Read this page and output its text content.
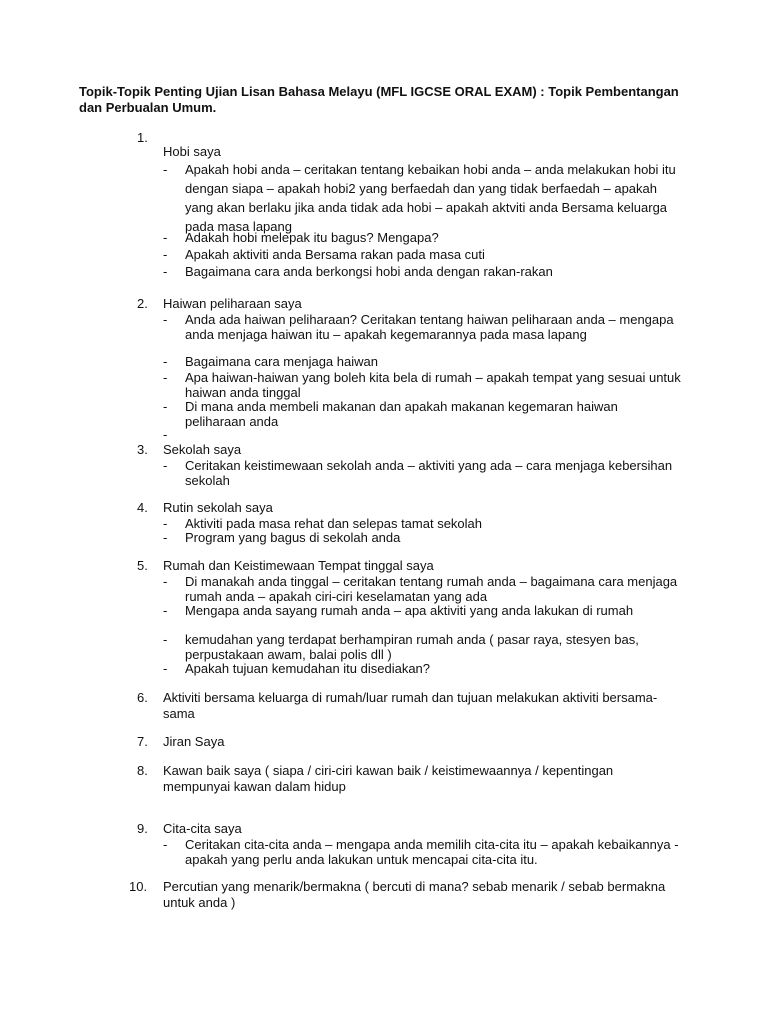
Topik-Topik Penting Ujian Lisan Bahasa Melayu (MFL IGCSE ORAL EXAM) : Topik Pembentangan dan Perbualan Umum.
1.
Hobi saya
- Apakah hobi anda – ceritakan tentang kebaikan hobi anda – anda melakukan hobi itu dengan siapa – apakah hobi2 yang berfaedah dan yang tidak berfaedah – apakah yang akan berlaku jika anda tidak ada hobi – apakah aktviti anda Bersama keluarga pada masa lapang
- Adakah hobi melepak itu bagus? Mengapa?
- Apakah aktiviti anda Bersama rakan pada masa cuti
- Bagaimana cara anda berkongsi hobi anda dengan rakan-rakan
2. Haiwan peliharaan saya
- Anda ada haiwan peliharaan? Ceritakan tentang haiwan peliharaan anda – mengapa anda menjaga haiwan itu – apakah kegemarannya pada masa lapang
- Bagaimana cara menjaga haiwan
- Apa haiwan-haiwan yang boleh kita bela di rumah – apakah tempat yang sesuai untuk haiwan anda tinggal
- Di mana anda membeli makanan dan apakah makanan kegemaran haiwan peliharaan anda
-
3. Sekolah saya
- Ceritakan keistimewaan sekolah anda – aktiviti yang ada – cara menjaga kebersihan sekolah
4. Rutin sekolah saya
- Aktiviti pada masa rehat dan selepas tamat sekolah
- Program yang bagus di sekolah anda
5. Rumah dan Keistimewaan Tempat tinggal saya
- Di manakah anda tinggal – ceritakan tentang rumah anda – bagaimana cara menjaga rumah anda – apakah ciri-ciri keselamatan yang ada
- Mengapa anda sayang rumah anda – apa aktiviti yang anda lakukan di rumah
- kemudahan yang terdapat berhampiran rumah anda ( pasar raya, stesyen bas, perpustakaan awam, balai polis dll )
- Apakah tujuan kemudahan itu disediakan?
6. Aktiviti bersama keluarga di rumah/luar rumah dan tujuan melakukan aktiviti bersama-sama
7. Jiran Saya
8. Kawan baik saya ( siapa / ciri-ciri kawan baik / keistimewaannya / kepentingan mempunyai kawan dalam hidup
9. Cita-cita saya
- Ceritakan cita-cita anda – mengapa anda memilih cita-cita itu – apakah kebaikannya -apakah yang perlu anda lakukan untuk mencapai cita-cita itu.
10. Percutian yang menarik/bermakna ( bercuti di mana? sebab menarik / sebab bermakna untuk anda )
